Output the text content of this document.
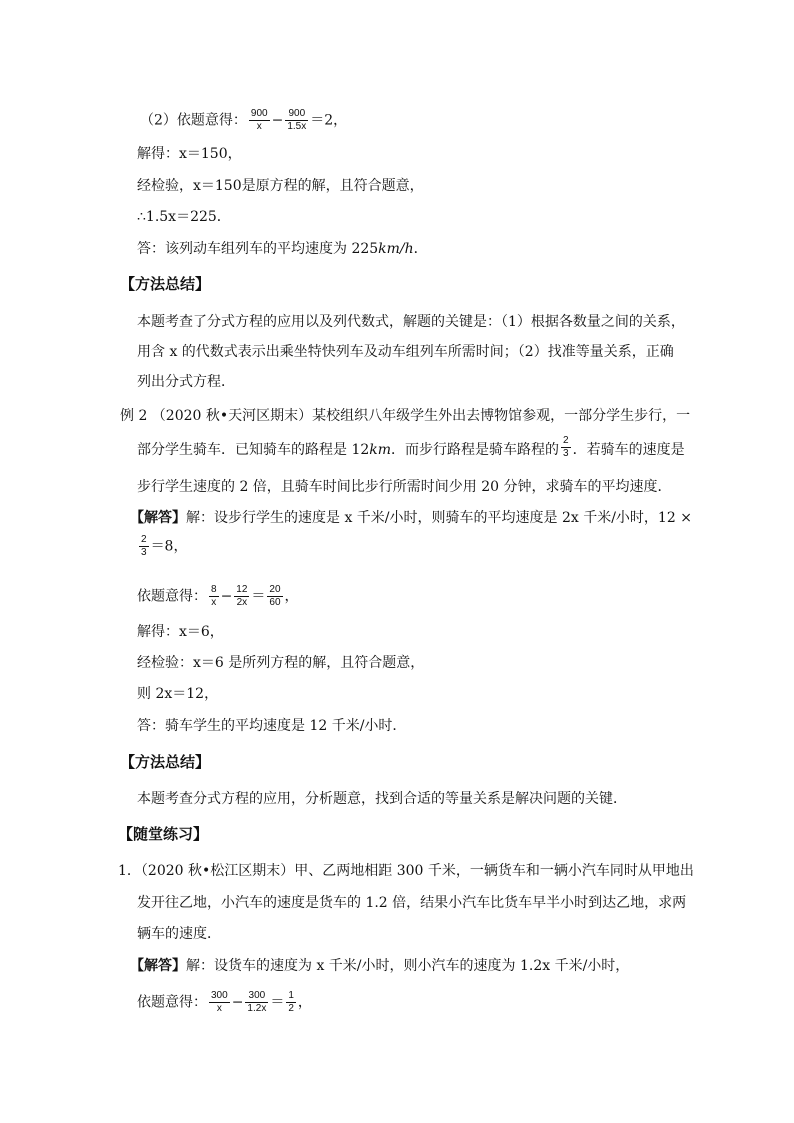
（2）依题意得： $\frac{900}{x} - \frac{900}{1.5x} =2$，
解得：x＝150，
经检验，x＝150是原方程的解，且符合题意，
∴1.5x＝225．
答：该列动车组列车的平均速度为 225km/h．
【方法总结】
本题考查了分式方程的应用以及列代数式，解题的关键是：（1）根据各数量之间的关系，
用含 x 的代数式表示出乘坐特快列车及动车组列车所需时间；（2）找准等量关系，正确
列出分式方程．
例 2 （2020 秋•天河区期末）某校组织八年级学生外出去博物馆参观，一部分学生步行，一
部分学生骑车．已知骑车的路程是 12km．而步行路程是骑车路程的 $\frac{2}{3}$ ．若骑车的速度是
步行学生速度的 2 倍，且骑车时间比步行所需时间少用 20 分钟，求骑车的平均速度．
【解答】解：设步行学生的速度是 x 千米/小时，则骑车的平均速度是 2x 千米/小时，12 ×
$\frac{2}{3} =8$，
依题意得： $\frac{8}{x} - \frac{12}{2x} = \frac{20}{60}$ ，
解得：x＝6，
经检验：x＝6 是所列方程的解，且符合题意，
则 2x＝12，
答：骑车学生的平均速度是 12 千米/小时．
【方法总结】
本题考查分式方程的应用，分析题意，找到合适的等量关系是解决问题的关键．
【随堂练习】
1．（2020 秋•松江区期末）甲、乙两地相距 300 千米，一辆货车和一辆小汽车同时从甲地出
发开往乙地，小汽车的速度是货车的 1.2 倍，结果小汽车比货车早半小时到达乙地，求两
辆车的速度．
【解答】解：设货车的速度为 x 千米/小时，则小汽车的速度为 1.2x 千米/小时，
依题意得： $\frac{300}{x} - \frac{300}{1.2x} = \frac{1}{2}$ ，
